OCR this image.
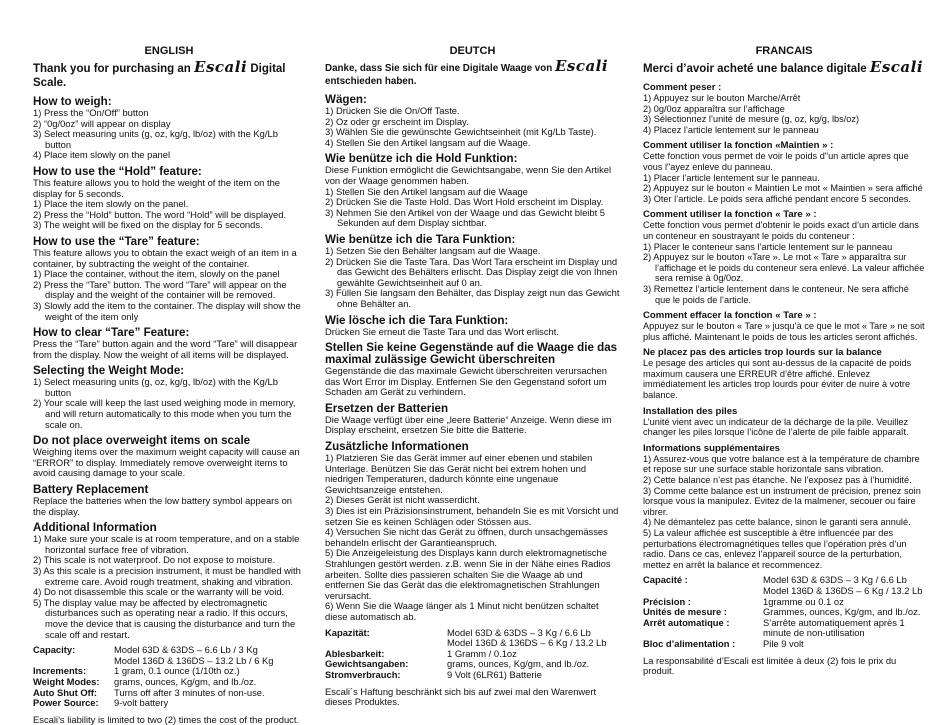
ENGLISH
Thank you for purchasing an Escali Digital Scale.
How to weigh:
1) Press the “On/Off” button
2) “0g/0oz” will appear on display
3) Select measuring units (g, oz, kg/g, lb/oz) with the Kg/Lb button
4) Place item slowly on the panel
How to use the “Hold” feature:
This feature allows you to hold the weight of the item on the display for 5 seconds.
1) Place the item slowly on the panel.
2) Press the “Hold” button. The word “Hold” will be displayed.
3) The weight will be fixed on the display for 5 seconds.
How to use the “Tare” feature:
This feature allows you to obtain the exact weigh of an item in a container, by subtracting the weight of the container.
1) Place the container, without the item, slowly on the panel
2) Press the “Tare” button. The word “Tare” will appear on the display and the weight of the container will be removed.
3) Slowly add the item to the container. The display will show the weight of the item only
How to clear “Tare” Feature:
Press the “Tare” button again and the word “Tare” will disappear from the display. Now the weight of all items will be displayed.
Selecting the Weight Mode:
1) Select measuring units (g, oz, kg/g, lb/oz) with the Kg/Lb button
2) Your scale will keep the last used weighing mode in memory, and will return automatically to this mode when you turn the scale on.
Do not place overweight items on scale
Weighing items over the maximum weight capacity will cause an “ERROR” to display. Immediately remove overweight items to avoid causing damage to your scale.
Battery Replacement
Replace the batteries when the low battery symbol appears on the display.
Additional Information
1) Make sure your scale is at room temperature, and on a stable horizontal surface free of vibration.
2) This scale is not waterproof. Do not expose to moisture.
3) As this scale is a precision instrument, it must be handled with extreme care. Avoid rough treatment, shaking and vibration.
4) Do not disassemble this scale or the warranty will be void.
5) The display value may be affected by electromagnetic disturbances such as operating near a radio. If this occurs, move the device that is causing the disturbance and turn the scale off and restart.
Capacity:	Model 63D & 63DS – 6.6 Lb / 3 Kg
Model 136D & 136DS – 13.2 Lb / 6 Kg
Increments:	1 gram, 0.1 ounce (1/10th oz.)
Weight Modes:	grams, ounces, Kg/gm, and lb./oz.
Auto Shut Off:	Turns off after 3 minutes of non-use.
Power Source:	9-volt battery
Escali’s liability is limited to two (2) times the cost of the product.
DEUTCH
Danke, dass Sie sich für eine Digitale Waage von Escali entschieden haben.
Wägen:
1) Drücken Sie die On/Off Taste.
2) Oz oder gr erscheint im Display.
3) Wählen Sie die gewünschte Gewichtseinheit (mit Kg/Lb Taste).
4) Stellen Sie den Artikel langsam auf die Waage.
Wie benütze ich die Hold Funktion:
Diese Funktion ermöglicht die Gewichtsangabe, wenn Sie den Artikel von der Waage genommen haben.
1) Stellen Sie den Artikel langsam auf die Waage
2) Drücken Sie die Taste Hold. Das Wort Hold erscheint im Display.
3) Nehmen Sie den Artikel von der Waage und das Gewicht bleibt 5 Sekunden auf dem Display sichtbar.
Wie benütze ich die Tara Funktion:
1) Setzen Sie den Behälter langsam auf die Waage.
2) Drücken Sie die Taste Tara. Das Wort Tara erscheint im Display und das Gewicht des Behälters erlischt. Das Display zeigt die von Ihnen gewählte Gewichtseinheit auf 0 an.
3) Füllen Sie langsam den Behälter, das Display zeigt nun das Gewicht ohne Behälter an.
Wie lösche ich die Tara Funktion:
Drücken Sie erneut die Taste Tara und das Wort erlischt.
Stellen Sie keine Gegenstände auf die Waage die das maximal zulässige Gewicht überschreiten
Gegenstände die das maximale Gewicht überschreiten verursachen das Wort Error im Display. Entfernen Sie den Gegenstand sofort um Schaden am Gerät zu verhindern.
Ersetzen der Batterien
Die Waage verfügt über eine „leere Batterie“ Anzeige. Wenn diese im Display erscheint, ersetzen Sie bitte die Batterie.
Zusätzliche Informationen
1) Platzieren Sie das Gerät immer auf einer ebenen und stabilen Unterlage. Benützen Sie das Gerät nicht bei extrem hohen und niedrigen Temperaturen, dadurch könnte eine ungenaue Gewichtsanzeige entstehen.
2) Dieses Gerät ist nicht wasserdicht.
3) Dies ist ein Präzisionsinstrument, behandeln Sie es mit Vorsicht und setzen Sie es keinen Schlägen oder Stössen aus.
4) Versuchen Sie nicht das Gerät zu öffnen, durch unsachgemässes behandeln erlischt der Garantieanspruch.
5) Die Anzeigeleistung des Displays kann durch elektromagnetische Strahlungen gestört werden. z.B. wenn Sie in der Nähe eines Radios arbeiten. Sollte dies passieren schalten Sie die Waage ab und entfernen Sie das Gerät das die elektromagnetischen Strahlungen verursacht.
6) Wenn Sie die Waage länger als 1 Minut nicht benützen schaltet diese automatisch ab.
Kapazität:	Model 63D & 63DS – 3 Kg / 6.6 Lb
Model 136D & 136DS – 6 Kg / 13.2 Lb
Ablesbarkeit:	1 Gramm / 0.1oz
Gewichtsangaben:	grams, ounces, Kg/gm, and lb./oz.
Stromverbrauch:	9 Volt (6LR61) Batterie
Escali´s Haftung beschränkt sich bis auf zwei mal den Warenwert dieses Produktes.
FRANCAIS
Merci d’avoir acheté une balance digitale Escali
Comment peser :
1) Appuyez sur le bouton Marche/Arrêt
2) 0g/0oz apparaîtra sur l’affichage
3) Sélectionnez l’unité de mesure (g, oz, kg/g, lbs/oz)
4) Placez l’article lentement sur le panneau
Comment utiliser la fonction «Maintien » :
Cette fonction vous permet de voir le poids d"un article apres que vous l"ayez enleve du panneau.
1) Placer l’article lentement sur le panneau.
2) Appuyez sur le bouton « Maintien Le mot « Maintien » sera affiché
3) Oter l’article. Le poids sera affiché pendant encore 5 secondes.
Comment utiliser la fonction « Tare » :
Cette fonction vous permet d’obtenir le poids exact d’un article dans un conteneur en soustrayant le poids du conteneur :
1) Placer le conteneur sans l’article lentement sur le panneau
2) Appuyez sur le bouton «Tare ». Le mot « Tare » apparaîtra sur l’affichage et le poids du conteneur sera enlevé. La valeur affichée sera remise à 0g/0oz.
3) Remettez l’article lentement dans le conteneur. Ne sera affiché que le poids de l’article.
Comment effacer la fonction « Tare » :
Appuyez sur le bouton « Tare » jusqu’à ce que le mot « Tare » ne soit plus affiché. Maintenant le poids de tous les articles seront affichés.
Ne placez pas des articles trop lourds sur la balance
Le pesage des articles qui sont au-dessus de la capacité de poids maximum causera une ERREUR d’être affiché. Enlevez immédiatement les articles trop lourds pour éviter de nuire à votre balance.
Installation des piles
L’unité vient avec un indicateur de la décharge de la pile. Veuillez changer les piles lorsque l’icône de l’alerte de pile faible apparaît.
Informations supplémentaires
1) Assurez-vous que votre balance est à la température de chambre et repose sur une surface stable horizontale sans vibration.
2) Cette balance n’est pas étanche. Ne l’exposez pas à l’humidité.
3) Comme cette balance est un instrument de précision, prenez soin lorsque vous la manipulez. Evitez de la malmener, secouer ou faire vibrer.
4) Ne démantelez pas cette balance, sinon le garanti sera annulé.
5) La valeur affichée est susceptible à être influencée par des perturbations électromagnétiques telles que l’opération près d’un radio. Dans ce cas, enlevez l’appareil source de la perturbation, mettez en arrêt la balance et recommencez.
Capacité :	Model 63D & 63DS – 3 Kg / 6.6 Lb
Model 136D & 136DS – 6 Kg / 13.2 Lb
Précision :	1gramme ou 0.1 oz
Unités de mesure :	Grammes, ounces, Kg/gm, and lb./oz.
Arrêt automatique :	S’arrête automatiquement après 1 minute de non-utilisation
Bloc d’alimentation :	Pile 9 volt
La responsabilité d’Escali est limitée à deux (2) fois le prix du produit.
